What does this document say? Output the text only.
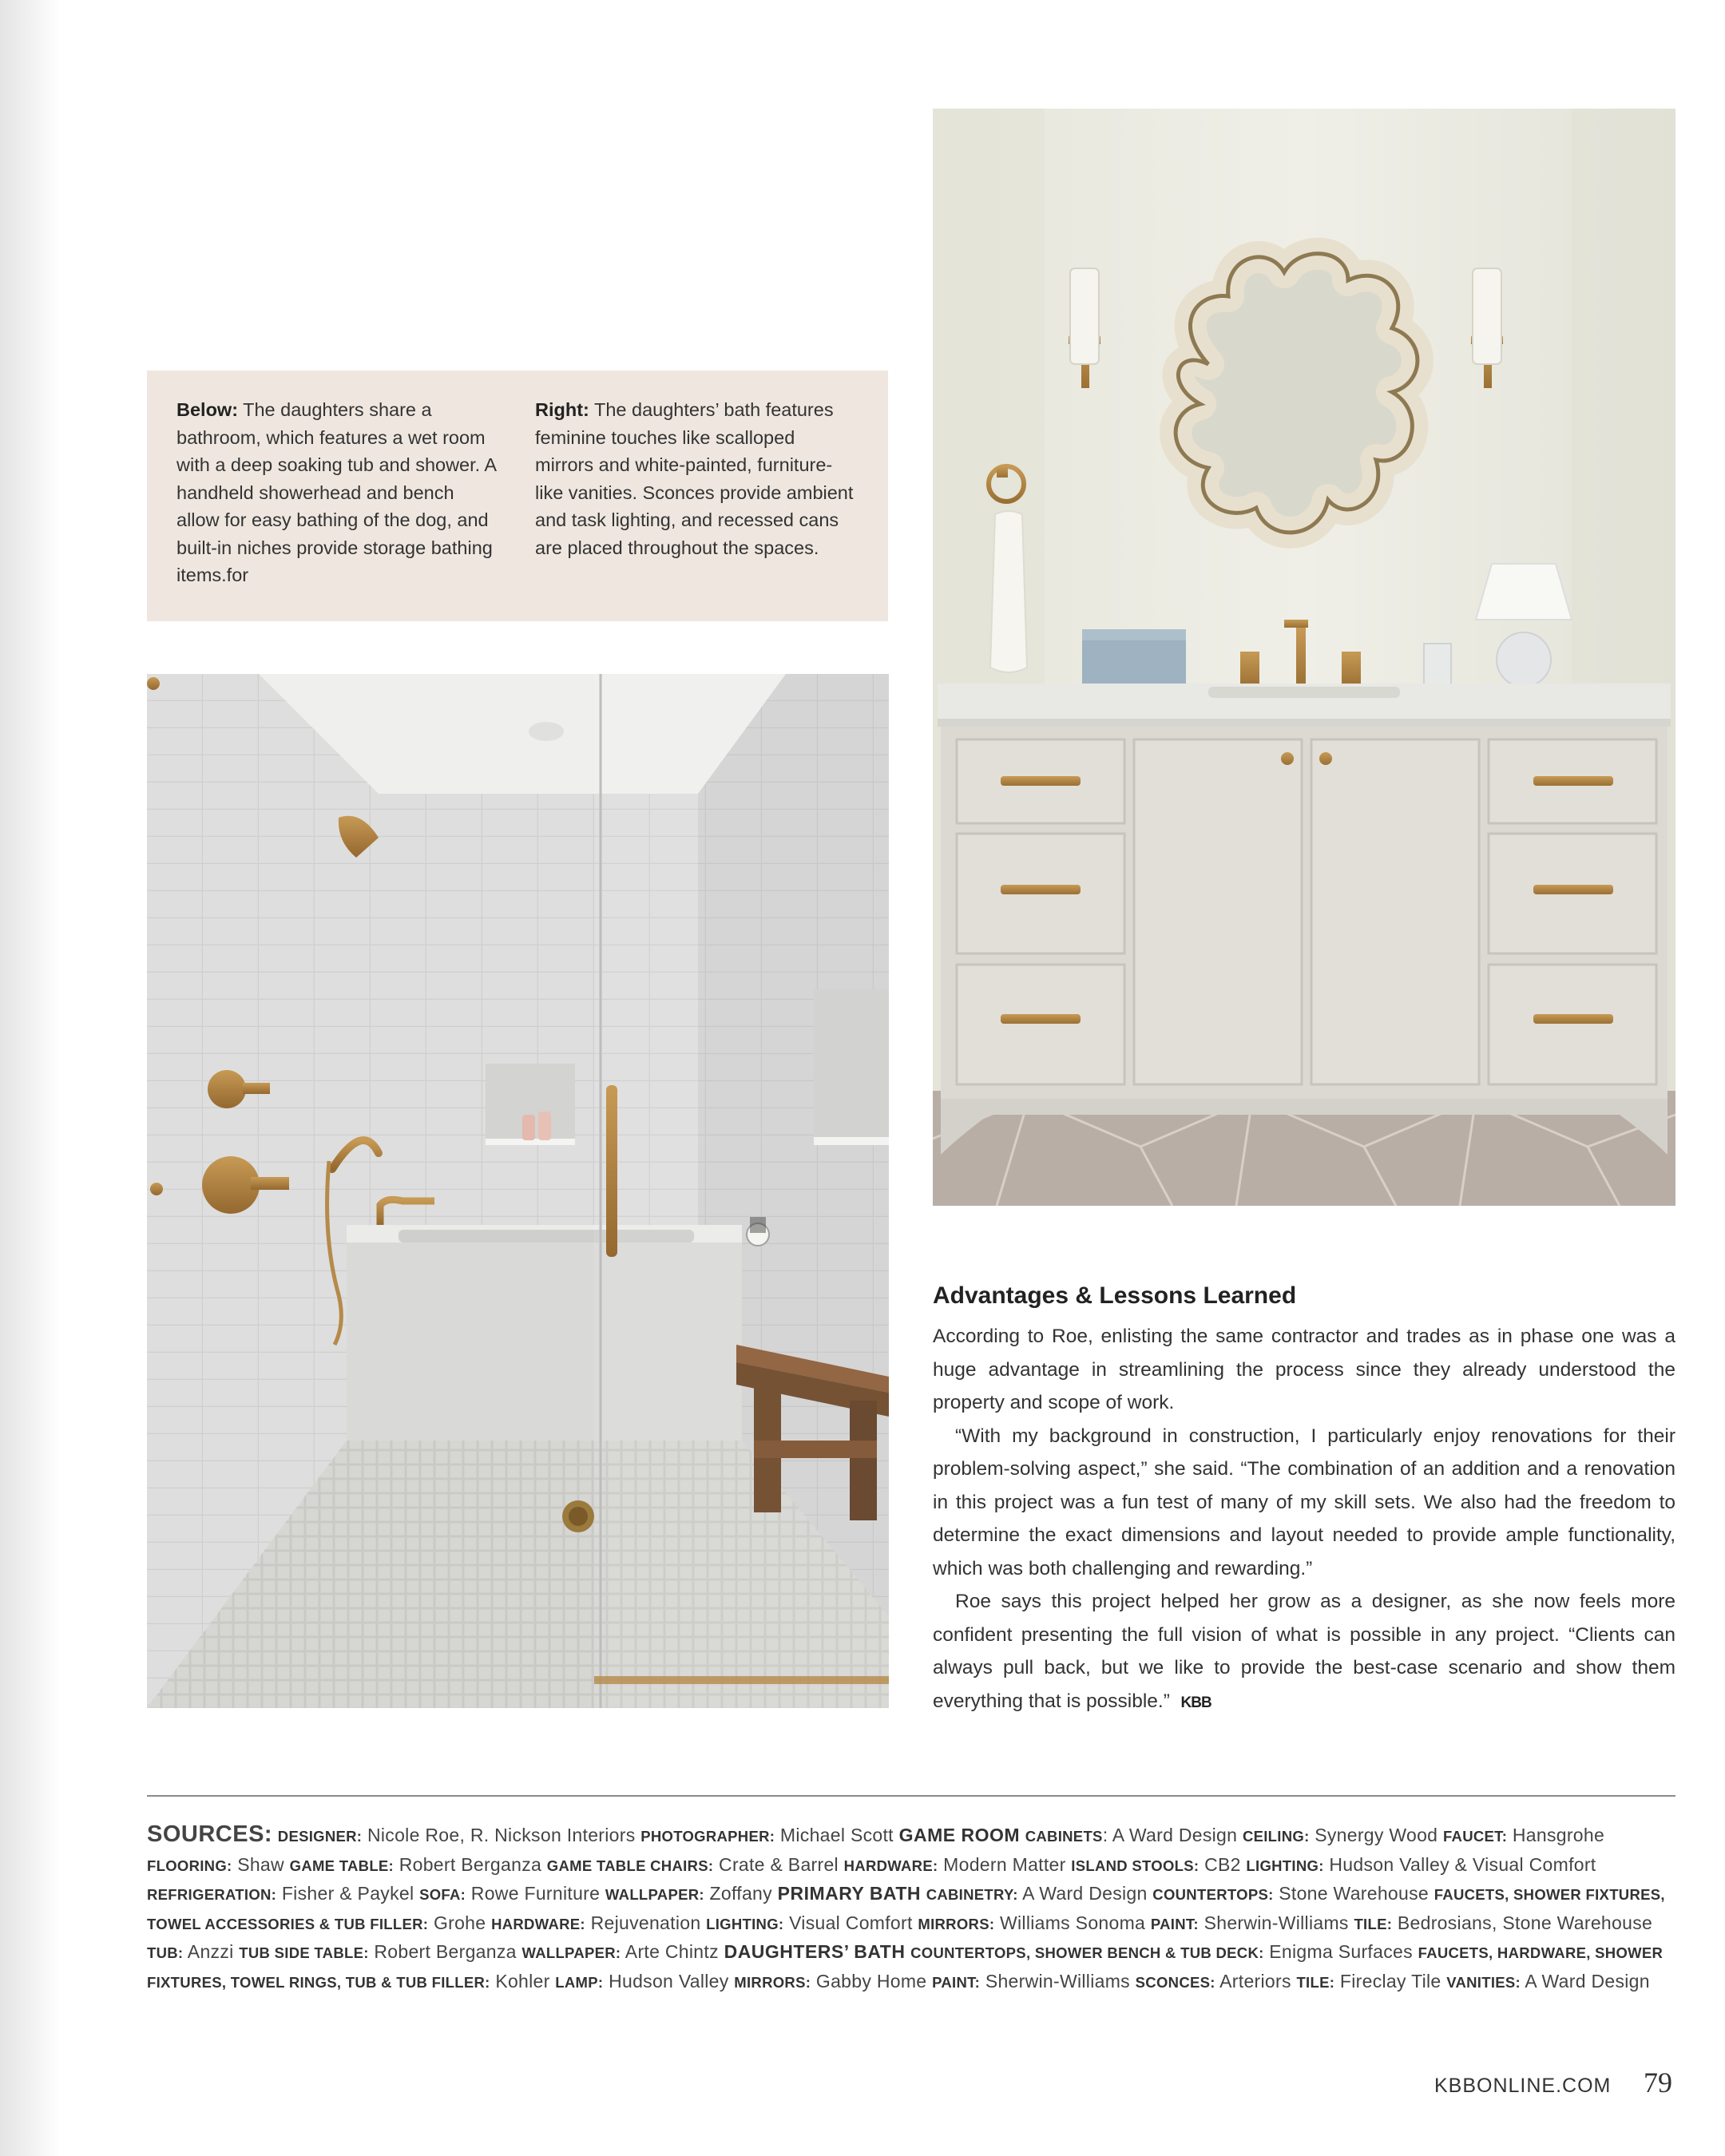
Below: The daughters share a bathroom, which features a wet room with a deep soaking tub and shower. A handheld showerhead and bench allow for easy bathing of the dog, and built-in niches provide storage bathing items.for
Right: The daughters’ bath features feminine touches like scalloped mirrors and white-painted, furniture-like vanities. Sconces provide ambient and task lighting, and recessed cans are placed throughout the spaces.
Advantages & Lessons Learned

According to Roe, enlisting the same contractor and trades as in phase one was a huge advantage in streamlining the process since they already understood the property and scope of work.

“With my background in construction, I particularly enjoy renovations for their problem-solving aspect,” she said. “The combination of an addition and a renovation in this project was a fun test of many of my skill sets. We also had the freedom to determine the exact dimensions and layout needed to provide ample functionality, which was both challenging and rewarding.”

Roe says this project helped her grow as a designer, as she now feels more confident presenting the full vision of what is possible in any project. “Clients can always pull back, but we like to provide the best-case scenario and show them everything that is possible.” KBB

SOURCES: DESIGNER: Nicole Roe, R. Nickson Interiors PHOTOGRAPHER: Michael Scott GAME ROOM CABINETS: A Ward Design CEILING: Synergy Wood FAUCET: Hansgrohe FLOORING: Shaw GAME TABLE: Robert Berganza GAME TABLE CHAIRS: Crate & Barrel HARDWARE: Modern Matter ISLAND STOOLS: CB2 LIGHTING: Hudson Valley & Visual Comfort REFRIGERATION: Fisher & Paykel SOFA: Rowe Furniture WALLPAPER: Zoffany PRIMARY BATH CABINETRY: A Ward Design COUNTERTOPS: Stone Warehouse FAUCETS, SHOWER FIXTURES, TOWEL ACCESSORIES & TUB FILLER: Grohe HARDWARE: Rejuvenation LIGHTING: Visual Comfort MIRRORS: Williams Sonoma PAINT: Sherwin-Williams TILE: Bedrosians, Stone Warehouse TUB: Anzzi TUB SIDE TABLE: Robert Berganza WALLPAPER: Arte Chintz DAUGHTERS’ BATH COUNTERTOPS, SHOWER BENCH & TUB DECK: Enigma Surfaces FAUCETS, HARDWARE, SHOWER FIXTURES, TOWEL RINGS, TUB & TUB FILLER: Kohler LAMP: Hudson Valley MIRRORS: Gabby Home PAINT: Sherwin-Williams SCONCES: Arteriors TILE: Fireclay Tile VANITIES: A Ward Design
KBBONLINE.COM 79
